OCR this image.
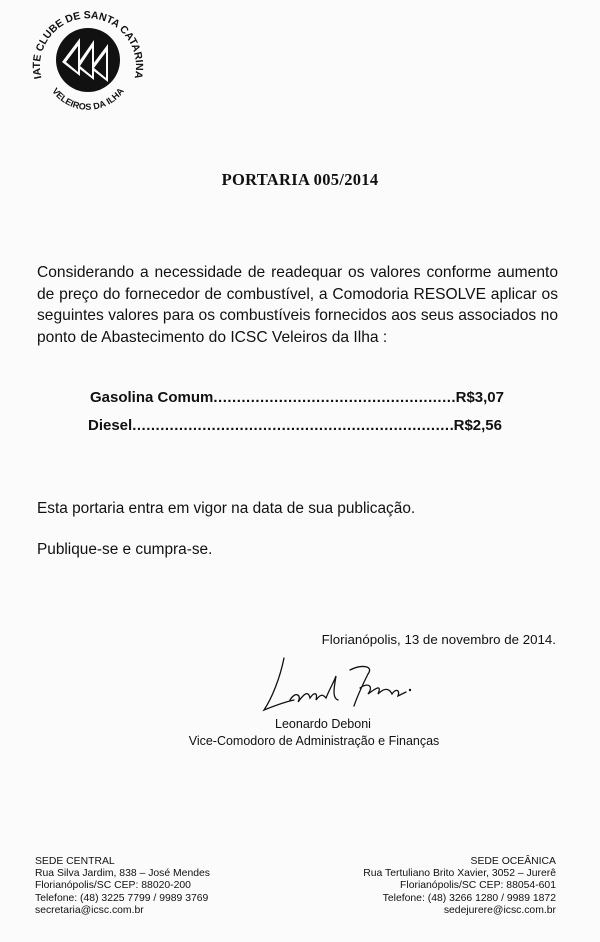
IATE CLUBE DE SANTA CATARINA
VELEIROS DA ILHA
PORTARIA 005/2014
Considerando a necessidade de readequar os valores conforme aumento de preço do fornecedor de combustível, a Comodoria RESOLVE aplicar os seguintes valores para os combustíveis fornecidos aos seus associados no ponto de Abastecimento do ICSC Veleiros da Ilha :
Gasolina Comum .....	R$3,07
Diesel .....	R$2,56
Esta portaria entra em vigor na data de sua publicação.
Publique-se e cumpra-se.
Florianópolis, 13 de novembro de 2014.
Leonardo Deboni
Vice-Comodoro de Administração e Finanças
SEDE CENTRAL
Rua Silva Jardim, 838 – José Mendes
Florianópolis/SC CEP: 88020-200
Telefone: (48) 3225 7799 / 9989 3769
secretaria@icsc.com.br
SEDE OCEÂNICA
Rua Tertuliano Brito Xavier, 3052 – Jurerê
Florianópolis/SC CEP: 88054-601
Telefone: (48) 3266 1280 / 9989 1872
sedejurere@icsc.com.br
